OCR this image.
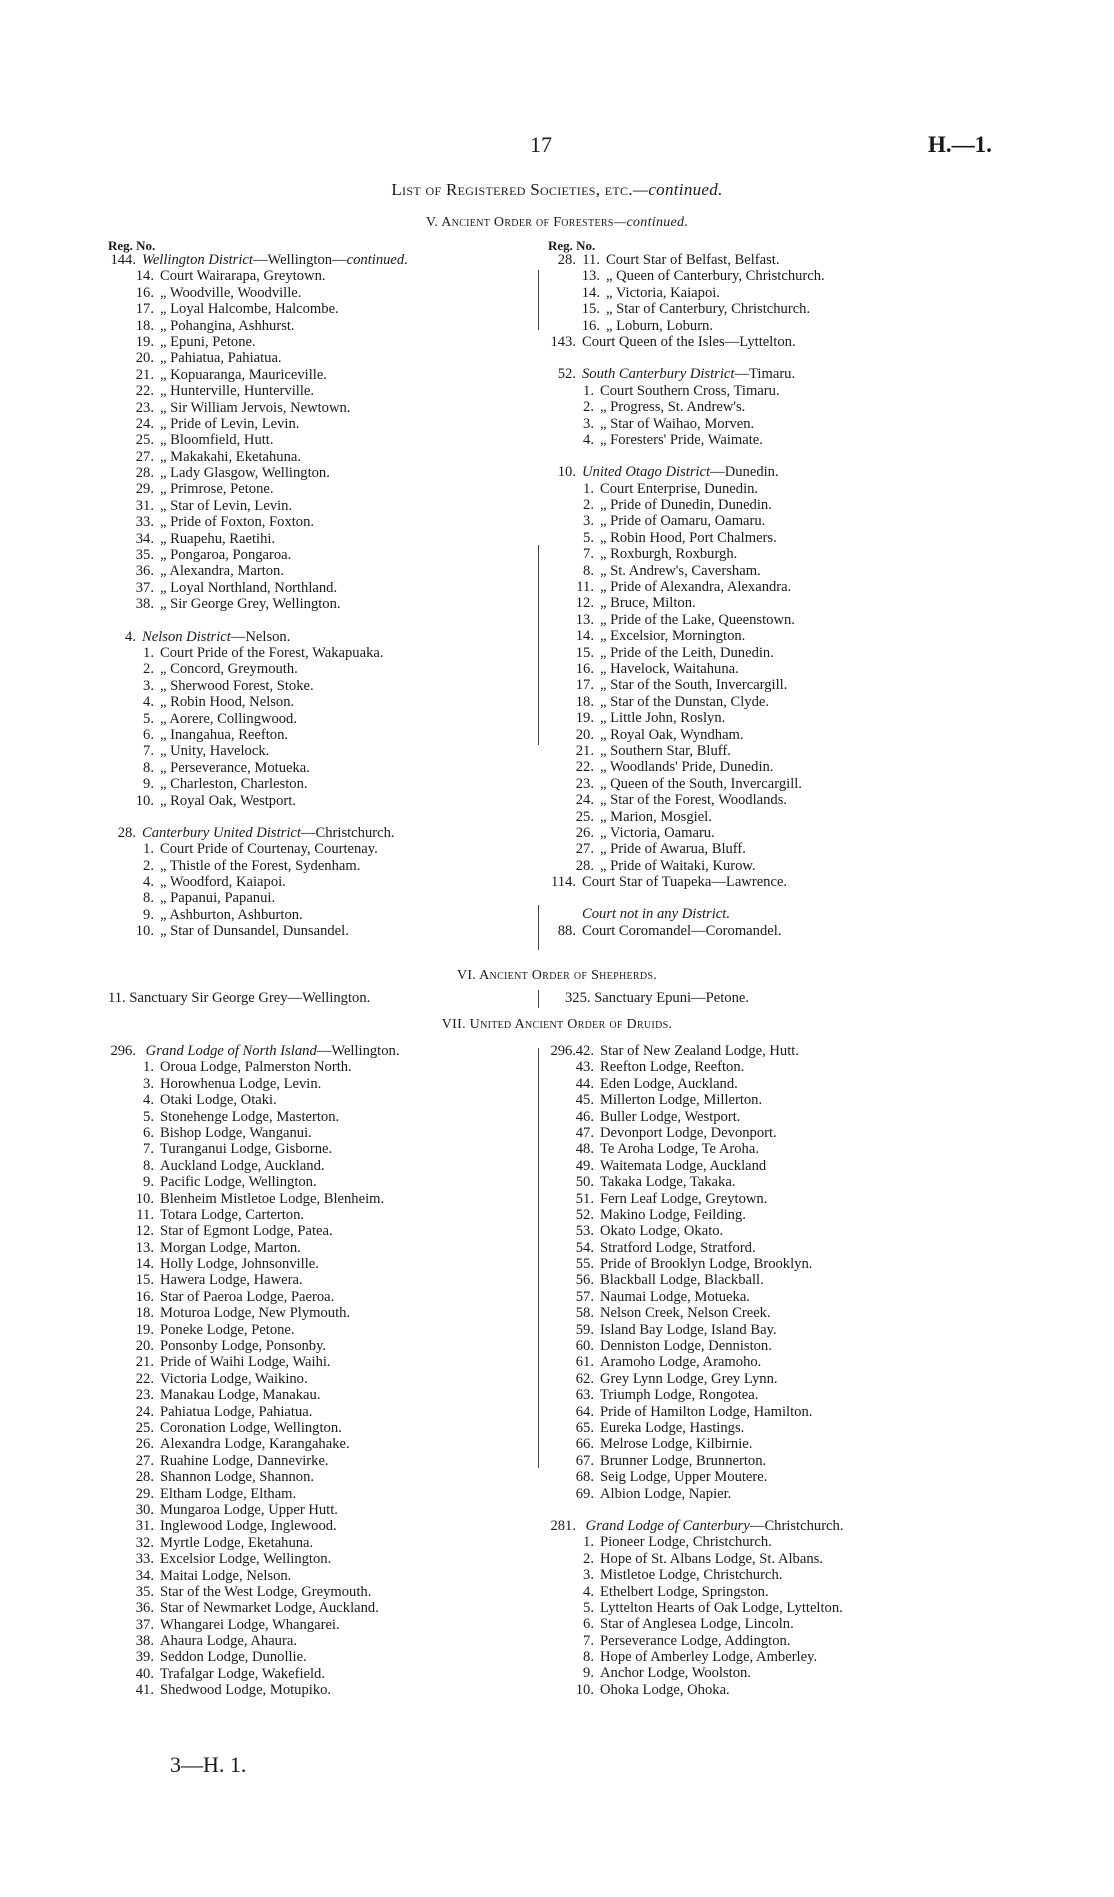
17	H.—1.
List of Registered Societies, etc.—continued.
V. Ancient Order of Foresters—continued.
Reg. No.	Reg. No.
144. Wellington District—Wellington—continued.
14. Court Wairarapa, Greytown.
16. „ Woodville, Woodville.
17. „ Loyal Halcombe, Halcombe.
18. „ Pohangina, Ashhurst.
19. „ Epuni, Petone.
20. „ Pahiatua, Pahiatua.
21. „ Kopuaranga, Mauriceville.
22. „ Hunterville, Hunterville.
23. „ Sir William Jervois, Newtown.
24. „ Pride of Levin, Levin.
25. „ Bloomfield, Hutt.
27. „ Makakahi, Eketahuna.
28. „ Lady Glasgow, Wellington.
29. „ Primrose, Petone.
31. „ Star of Levin, Levin.
33. „ Pride of Foxton, Foxton.
34. „ Ruapehu, Raetihi.
35. „ Pongaroa, Pongaroa.
36. „ Alexandra, Marton.
37. „ Loyal Northland, Northland.
38. „ Sir George Grey, Wellington.
4. Nelson District—Nelson.
1. Court Pride of the Forest, Wakapuaka.
2. „ Concord, Greymouth.
3. „ Sherwood Forest, Stoke.
4. „ Robin Hood, Nelson.
5. „ Aorere, Collingwood.
6. „ Inangahua, Reefton.
7. „ Unity, Havelock.
8. „ Perseverance, Motueka.
9. „ Charleston, Charleston.
10. „ Royal Oak, Westport.
28. Canterbury United District—Christchurch.
1. Court Pride of Courtenay, Courtenay.
2. „ Thistle of the Forest, Sydenham.
4. „ Woodford, Kaiapoi.
8. „ Papanui, Papanui.
9. „ Ashburton, Ashburton.
10. „ Star of Dunsandel, Dunsandel.
28. 11. Court Star of Belfast, Belfast.
13. „ Queen of Canterbury, Christchurch.
14. „ Victoria, Kaiapoi.
15. „ Star of Canterbury, Christchurch.
16. „ Loburn, Loburn.
143. Court Queen of the Isles—Lyttelton.
52. South Canterbury District—Timaru.
1. Court Southern Cross, Timaru.
2. „ Progress, St. Andrew's.
3. „ Star of Waihao, Morven.
4. „ Foresters' Pride, Waimate.
10. United Otago District—Dunedin.
1. Court Enterprise, Dunedin.
2. „ Pride of Dunedin, Dunedin.
3. „ Pride of Oamaru, Oamaru.
5. „ Robin Hood, Port Chalmers.
7. „ Roxburgh, Roxburgh.
8. „ St. Andrew's, Caversham.
11. „ Pride of Alexandra, Alexandra.
12. „ Bruce, Milton.
13. „ Pride of the Lake, Queenstown.
14. „ Excelsior, Mornington.
15. „ Pride of the Leith, Dunedin.
16. „ Havelock, Waitahuna.
17. „ Star of the South, Invercargill.
18. „ Star of the Dunstan, Clyde.
19. „ Little John, Roslyn.
20. „ Royal Oak, Wyndham.
21. „ Southern Star, Bluff.
22. „ Woodlands' Pride, Dunedin.
23. „ Queen of the South, Invercargill.
24. „ Star of the Forest, Woodlands.
25. „ Marion, Mosgiel.
26. „ Victoria, Oamaru.
27. „ Pride of Awarua, Bluff.
28. „ Pride of Waitaki, Kurow.
114. Court Star of Tuapeka—Lawrence.
Court not in any District.
88. Court Coromandel—Coromandel.
VI. Ancient Order of Shepherds.
11. Sanctuary Sir George Grey—Wellington.	325. Sanctuary Epuni—Petone.
VII. United Ancient Order of Druids.
296. Grand Lodge of North Island—Wellington.
1. Oroua Lodge, Palmerston North.
3. Horowhenua Lodge, Levin.
4. Otaki Lodge, Otaki.
5. Stonehenge Lodge, Masterton.
6. Bishop Lodge, Wanganui.
7. Turanganui Lodge, Gisborne.
8. Auckland Lodge, Auckland.
9. Pacific Lodge, Wellington.
10. Blenheim Mistletoe Lodge, Blenheim.
11. Totara Lodge, Carterton.
12. Star of Egmont Lodge, Patea.
13. Morgan Lodge, Marton.
14. Holly Lodge, Johnsonville.
15. Hawera Lodge, Hawera.
16. Star of Paeroa Lodge, Paeroa.
18. Moturoa Lodge, New Plymouth.
19. Poneke Lodge, Petone.
20. Ponsonby Lodge, Ponsonby.
21. Pride of Waihi Lodge, Waihi.
22. Victoria Lodge, Waikino.
23. Manakau Lodge, Manakau.
24. Pahiatua Lodge, Pahiatua.
25. Coronation Lodge, Wellington.
26. Alexandra Lodge, Karangahake.
27. Ruahine Lodge, Dannevirke.
28. Shannon Lodge, Shannon.
29. Eltham Lodge, Eltham.
30. Mungaroa Lodge, Upper Hutt.
31. Inglewood Lodge, Inglewood.
32. Myrtle Lodge, Eketahuna.
33. Excelsior Lodge, Wellington.
34. Maitai Lodge, Nelson.
35. Star of the West Lodge, Greymouth.
36. Star of Newmarket Lodge, Auckland.
37. Whangarei Lodge, Whangarei.
38. Ahaura Lodge, Ahaura.
39. Seddon Lodge, Dunollie.
40. Trafalgar Lodge, Wakefield.
41. Shedwood Lodge, Motupiko.
296. 42. Star of New Zealand Lodge, Hutt.
43. Reefton Lodge, Reefton.
44. Eden Lodge, Auckland.
45. Millerton Lodge, Millerton.
46. Buller Lodge, Westport.
47. Devonport Lodge, Devonport.
48. Te Aroha Lodge, Te Aroha.
49. Waitemata Lodge, Auckland
50. Takaka Lodge, Takaka.
51. Fern Leaf Lodge, Greytown.
52. Makino Lodge, Feilding.
53. Okato Lodge, Okato.
54. Stratford Lodge, Stratford.
55. Pride of Brooklyn Lodge, Brooklyn.
56. Blackball Lodge, Blackball.
57. Naumai Lodge, Motueka.
58. Nelson Creek, Nelson Creek.
59. Island Bay Lodge, Island Bay.
60. Denniston Lodge, Denniston.
61. Aramoho Lodge, Aramoho.
62. Grey Lynn Lodge, Grey Lynn.
63. Triumph Lodge, Rongotea.
64. Pride of Hamilton Lodge, Hamilton.
65. Eureka Lodge, Hastings.
66. Melrose Lodge, Kilbirnie.
67. Brunner Lodge, Brunnerton.
68. Seig Lodge, Upper Moutere.
69. Albion Lodge, Napier.
281. Grand Lodge of Canterbury—Christchurch.
1. Pioneer Lodge, Christchurch.
2. Hope of St. Albans Lodge, St. Albans.
3. Mistletoe Lodge, Christchurch.
4. Ethelbert Lodge, Springston.
5. Lyttelton Hearts of Oak Lodge, Lyttelton.
6. Star of Anglesea Lodge, Lincoln.
7. Perseverance Lodge, Addington.
8. Hope of Amberley Lodge, Amberley.
9. Anchor Lodge, Woolston.
10. Ohoka Lodge, Ohoka.
3—H. 1.
